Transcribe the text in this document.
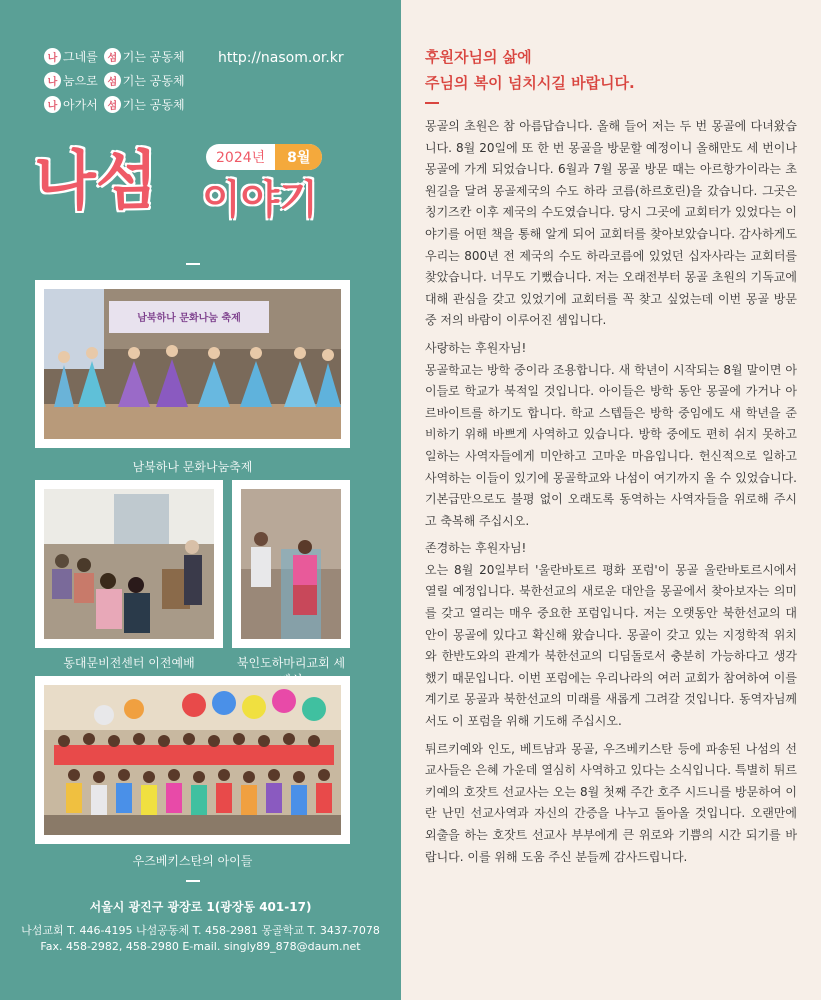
나 그네를 섬 기는 공동체
나 눔으로 섬 기는 공동체
나 아가서 섬 기는 공동체
http://nasom.or.kr
나섬	2024년	8월
이야기
남북하나 문화나눔 축제
남북하나 문화나눔축제
동대문비전센터 이전예배	북인도하마리교회 세
우즈베키스탄의 아이들
서울시 광진구 광장로 1(광장동 401-17)
나섬교회 T. 446-4195 나섬공동체 T. 458-2981 몽골학교 T. 3437-7078
Fax. 458-2982, 458-2980 E-mail. singly89_878@daum.net
후원자님의 삶에
주님의 복이 넘치시길 바랍니다.

몽골의 초원은 참 아름답습니다. 올해 들어 저는 두 번 몽골에 다녀왔습니다. 8월 20일에 또 한 번 몽골을 방문할 예정이니 올해만도 세 번이나 몽골에 가게 되었습니다. 6월과 7월 몽골 방문 때는 아르항가이라는 초원길을 달려 몽골제국의 수도 하라 코름(하르호린)을 갔습니다. 그곳은 칭기즈칸 이후 제국의 수도였습니다. 당시 그곳에 교회터가 있었다는 이야기를 어떤 책을 통해 알게 되어 교회터를 찾아보았습니다. 감사하게도 우리는 800년 전 제국의 수도 하라코름에 있었던 십자사라는 교회터를 찾았습니다. 너무도 기뻤습니다. 저는 오래전부터 몽골 초원의 기독교에 대해 관심을 갖고 있었기에 교회터를 꼭 찾고 싶었는데 이번 몽골 방문 중 저의 바람이 이루어진 셈입니다.

사랑하는 후원자님!
몽골학교는 방학 중이라 조용합니다. 새 학년이 시작되는 8월 말이면 아이들로 학교가 북적일 것입니다. 아이들은 방학 동안 몽골에 가거나 아르바이트를 하기도 합니다. 학교 스텝들은 방학 중임에도 새 학년을 준비하기 위해 바쁘게 사역하고 있습니다. 방학 중에도 편히 쉬지 못하고 일하는 사역자들에게 미안하고 고마운 마음입니다. 헌신적으로 일하고 사역하는 이들이 있기에 몽골학교와 나섬이 여기까지 올 수 있었습니다. 기본급만으로도 불평 없이 오래도록 동역하는 사역자들을 위로해 주시고 축복해 주십시오.

존경하는 후원자님!
오는 8월 20일부터 '울란바토르 평화 포럼'이 몽골 울란바토르시에서 열릴 예정입니다. 북한선교의 새로운 대안을 몽골에서 찾아보자는 의미를 갖고 열리는 매우 중요한 포럼입니다. 저는 오랫동안 북한선교의 대안이 몽골에 있다고 확신해 왔습니다. 몽골이 갖고 있는 지정학적 위치와 한반도와의 관계가 북한선교의 디딤돌로서 충분히 가능하다고 생각했기 때문입니다. 이번 포럼에는 우리나라의 여러 교회가 참여하여 이를 계기로 몽골과 북한선교의 미래를 새롭게 그려갈 것입니다. 동역자님께서도 이 포럼을 위해 기도해 주십시오.

튀르키예와 인도, 베트남과 몽골, 우즈베키스탄 등에 파송된 나섬의 선교사들은 은혜 가운데 열심히 사역하고 있다는 소식입니다. 특별히 튀르키예의 호잣트 선교사는 오는 8월 첫째 주간 호주 시드니를 방문하여 이란 난민 선교사역과 자신의 간증을 나누고 돌아올 것입니다. 오랜만에 외출을 하는 호잣트 선교사 부부에게 큰 위로와 기쁨의 시간 되기를 바랍니다. 이를 위해 도움 주신 분들께 감사드립니다.
